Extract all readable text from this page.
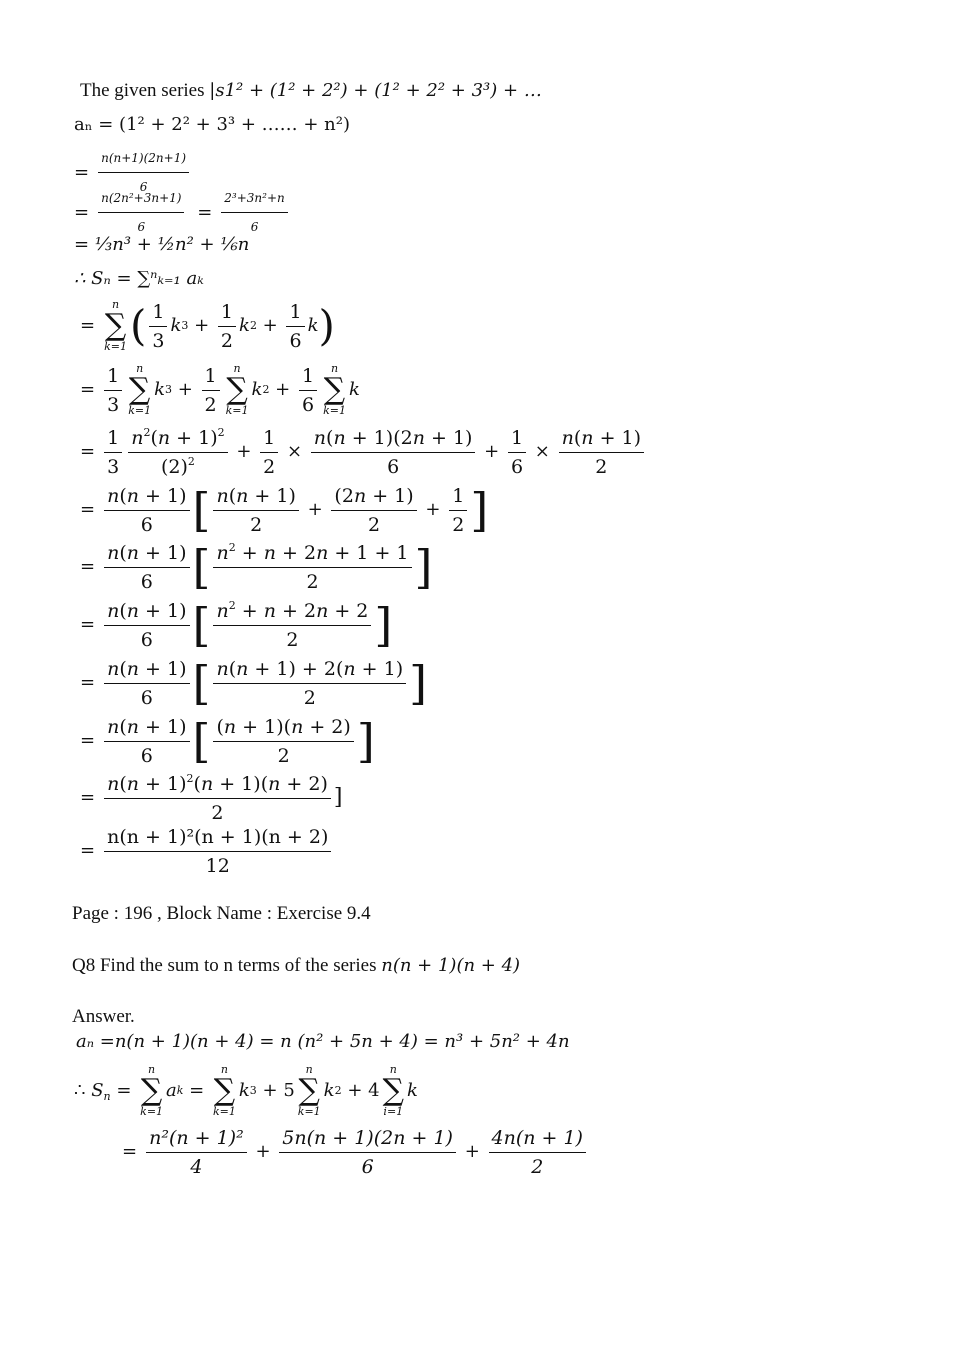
The given series |s1² + (1² + 2²) + (1² + 2² + 3³) + …
aₙ = (1² + 2² + 3³ + …… + n²)
= $\frac{n(n+1)(2n+1)}{6}$
= $\frac{\text{n(2n²+3n+1)}}{6} = \frac{\text{2³+3n²+n}}{6}$
= ⅓n³ + ½n² + ⅙n
∴ Sₙ = ∑ⁿₖ₌₁ aₖ
=
n
∑
k=1 ( $\frac{1}{3}$ k $3 + \frac{1}{2}$ k $2 + \frac{1}{6}$ k )
= $\frac{1}{3}$ n
∑
k=1
k $3 + \frac{1}{2}$ n
∑
k=1
k $2 + \frac{1}{6}$ n
∑
k=1
k
= $\frac{1}{3} \frac{n^2(n + 1)^2}{(2)^2} + \frac{1}{2} \times \frac{n(n + 1)(2n + 1)}{6} + \frac{1}{6} \times \frac{n(n + 1)}{2}$
= $\frac{n(n + 1)}{6}$ [ $\frac{n(n + 1)}{2} + \frac{(2n + 1)}{2} + \frac{1}{2}$ ]
= $\frac{n(n + 1)}{6}$ [ $\frac{n^2 + n + 2n + 1 + 1}{2}$ ]
= $\frac{n(n + 1)}{6}$ [ $\frac{n^2 + n + 2n + 2}{2}$ ]
= $\frac{n(n + 1)}{6}$ [ $\frac{n(n + 1) + 2(n + 1)}{2}$ ]
= $\frac{n(n + 1)}{6}$ [ $\frac{(n + 1)(n + 2)}{2}$ ]
= $\frac{n(n + 1)^2(n + 1)(n + 2)}{2}$ ]
= $\frac{\text{n(n + 1)²(n + 1)(n + 2)}}{12}$
Page : 196 , Block Name : Exercise 9.4
Q8 Find the sum to n terms of the series n(n + 1)(n + 4)
Answer.
aₙ =n(n + 1)(n + 4) = n (n² + 5n + 4) = n³ + 5n² + 4n
∴ $S_n$ =
n
∑
k=1
a k =
n
∑
k=1
k 3 + 5
n
∑
k=1
k 2 + 4
n
∑
i=1
k
= $\frac{\text{n²(n + 1)²}}{4} + \frac{5n(n + 1)(2n + 1)}{6} + \frac{4n(n + 1)}{2}$
